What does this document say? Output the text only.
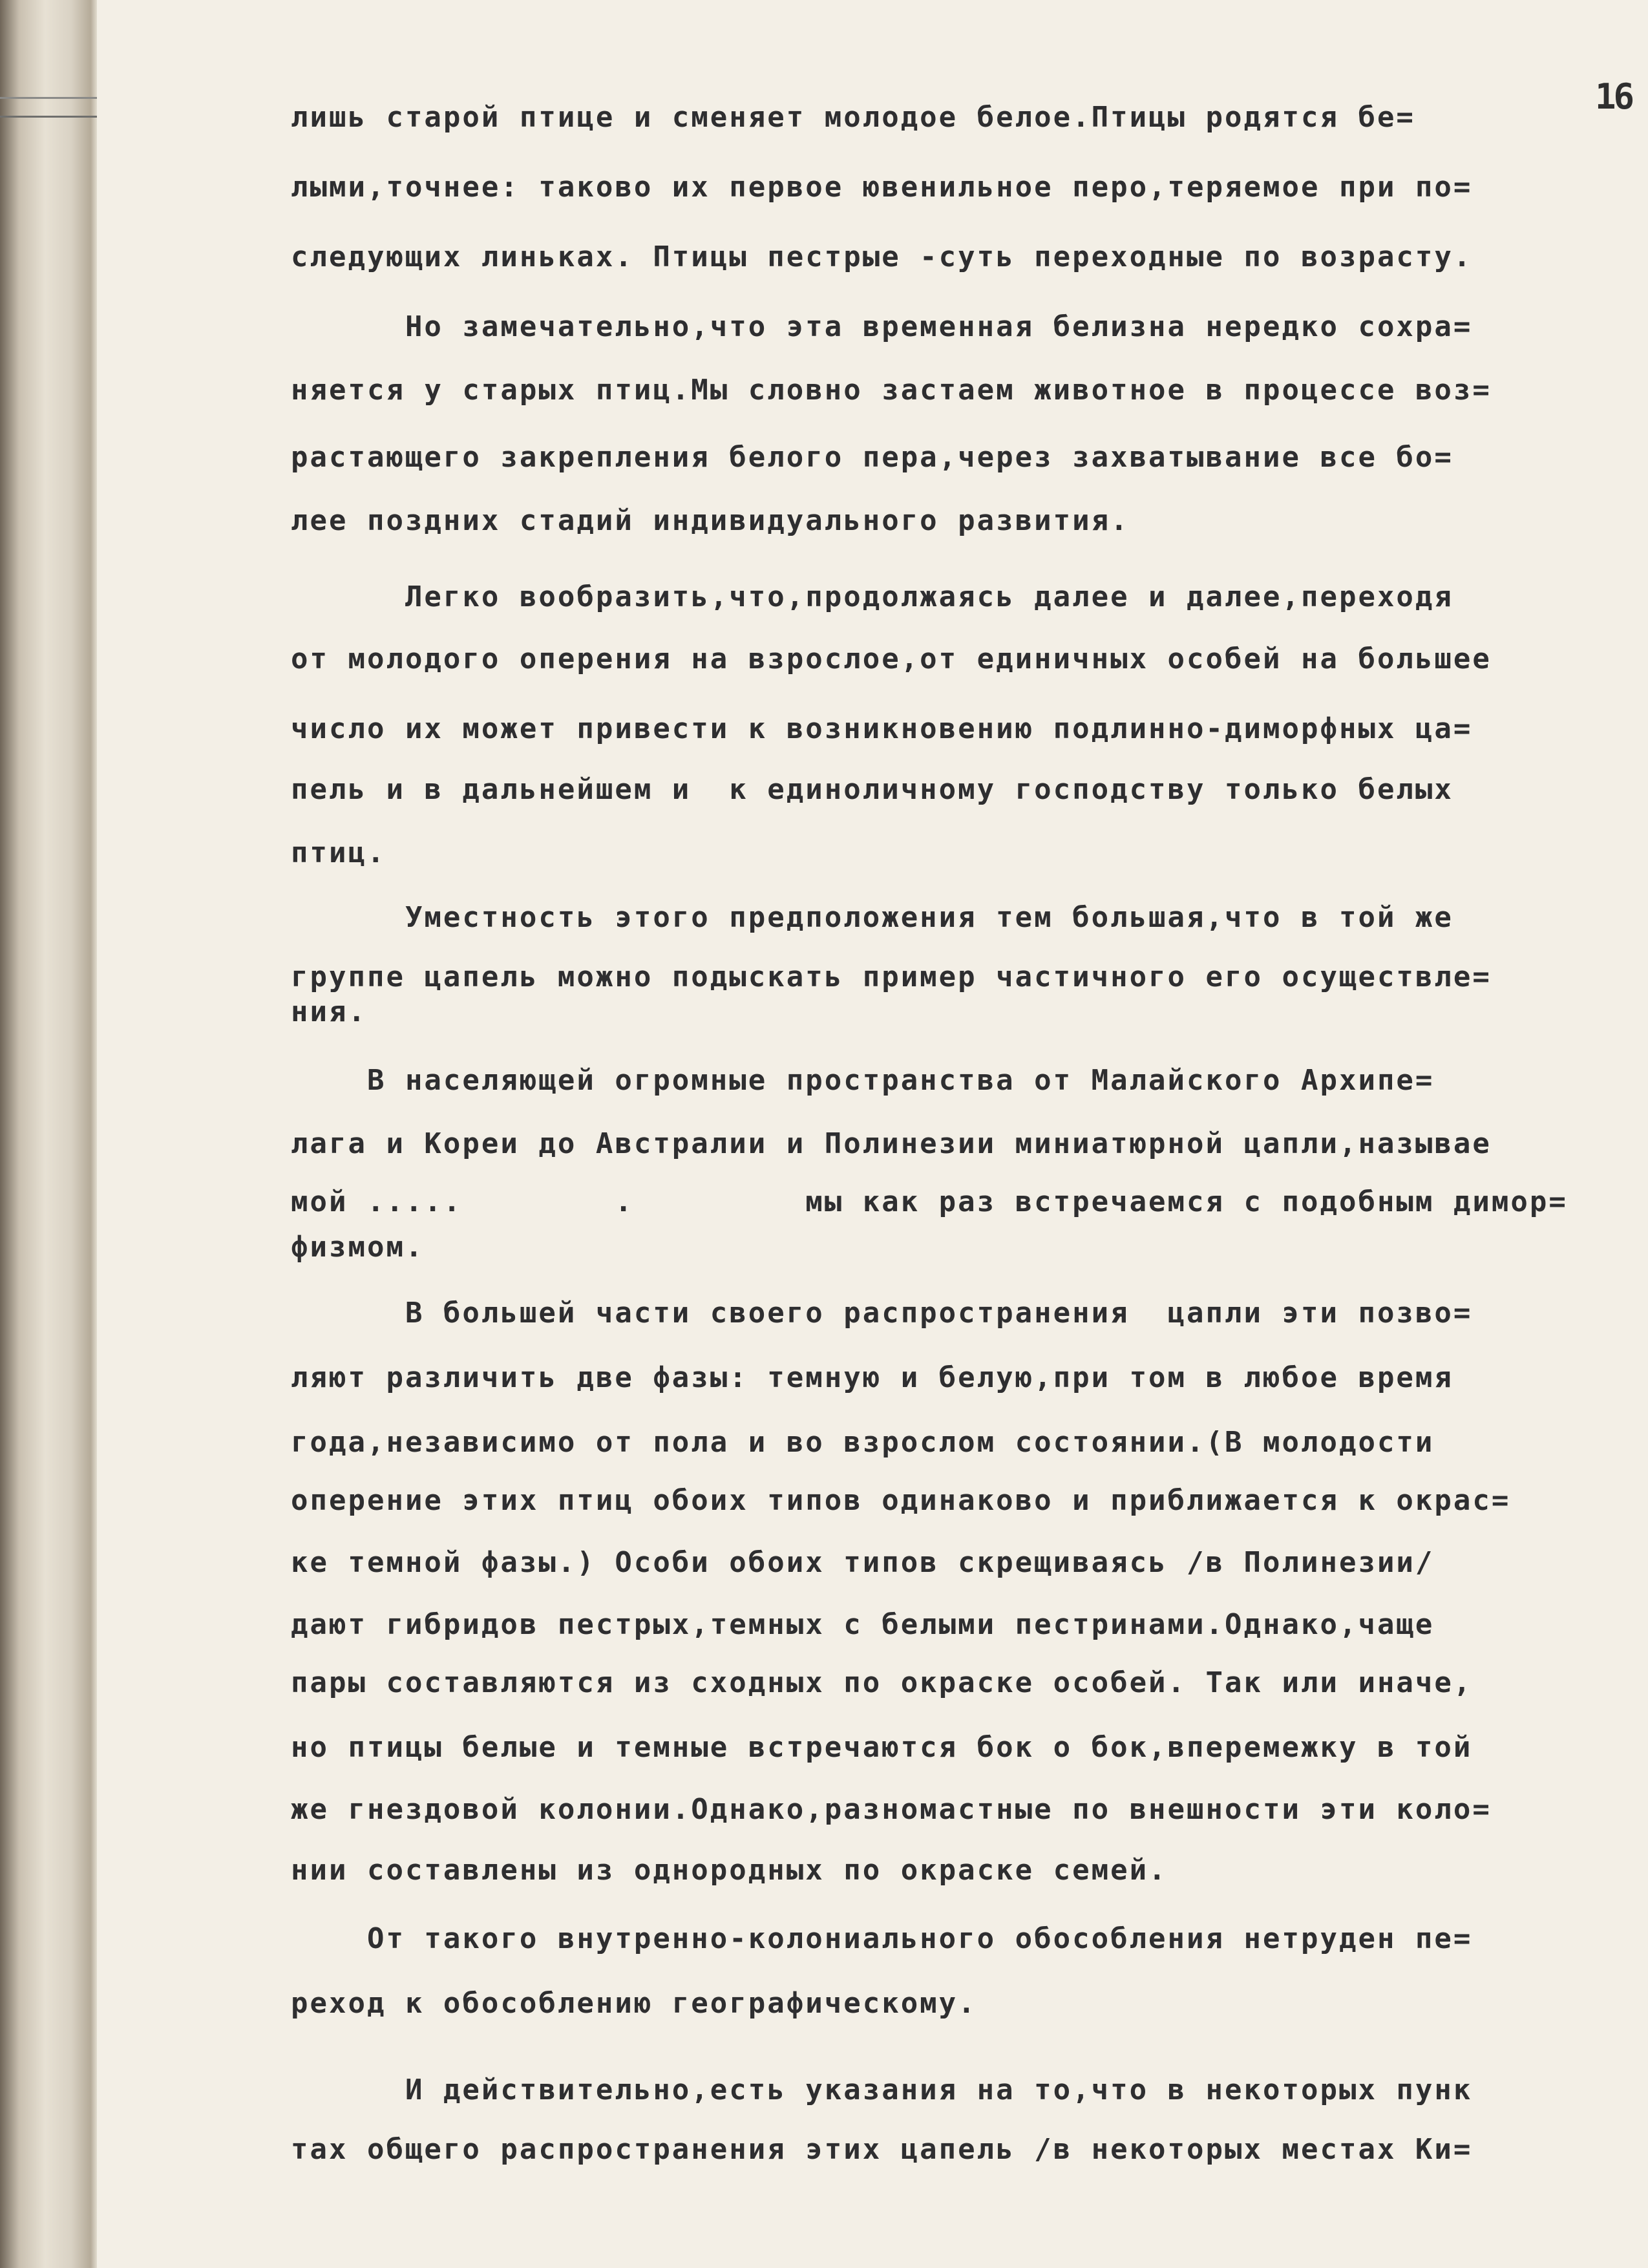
16
лишь старой птице и сменяет молодое белое.Птицы родятся бе=
лыми,точнее: таково их первое ювенильное перо,теряемое при по=
следующих линьках. Птицы пестрые -суть переходные по возрасту.
Но замечательно,что эта временная белизна нередко сохра=
няется у старых птиц.Мы словно застаем животное в процессе воз=
растающего закрепления белого пера,через захватывание все бо=
лее поздних стадий индивидуального развития.
Легко вообразить,что,продолжаясь далее и далее,переходя
от молодого оперения на взрослое,от единичных особей на большее
число их может привести к возникновению подлинно-диморфных ца=
пель и в дальнейшем и  к единоличному господству только белых
птиц.
Уместность этого предположения тем большая,что в той же
группе цапель можно подыскать пример частичного его осуществле=
ния.
В населяющей огромные пространства от Малайского Архипе=
лага и Кореи до Австралии и Полинезии миниатюрной цапли,называе
мой .....        .         мы как раз встречаемся с подобным димор=
физмом.
В большей части своего распространения  цапли эти позво=
ляют различить две фазы: темную и белую,при том в любое время
года,независимо от пола и во взрослом состоянии.(В молодости
оперение этих птиц обоих типов одинаково и приближается к окрас=
ке темной фазы.) Особи обоих типов скрещиваясь /в Полинезии/
дают гибридов пестрых,темных с белыми пестринами.Однако,чаще
пары составляются из сходных по окраске особей. Так или иначе,
но птицы белые и темные встречаются бок о бок,вперемежку в той
же гнездовой колонии.Однако,разномастные по внешности эти коло=
нии составлены из однородных по окраске семей.
От такого внутренно-колониального обособления нетруден пе=
реход к обособлению географическому.
И действительно,есть указания на то,что в некоторых пунк
тах общего распространения этих цапель /в некоторых местах Ки=
